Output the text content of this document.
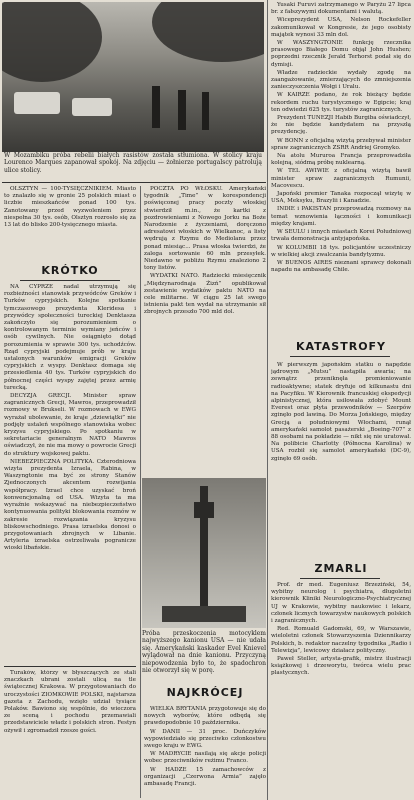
W Mozambiku próba rebelii białych rasistów została stłumiona. W stolicy kraju Lourenco Marques zapanował spokój. Na zdjęciu — żołnierze portugalscy patrolują ulice stolicy.

OLSZTYN — 100-TYSIĘCZNIKIEM. Miasto to znalazło się w gronie 25 polskich miast o liczbie mieszkańców ponad 100 tys. Zanotowany przed wyzwoleniem przez niespełna 30 tys. osób, Olsztyn rozrosło się za 13 lat do blisko 200-tysięcznego miasta.

KRÓTKO

NA CYPRZE nadal utrzymują się rozbieżności stanowisk przywódców Greków i Turków cypryjskich. Kolejne spotkanie tymczasowego prezydenta Kleridesa i przywódcy społeczności tureckiej Denktasza zakończyło się porozumieniem o kontrolowanym terminie wymiany jeńców i osób cywilnych. Nie osiągnięto dotąd porozumienia w sprawie 300 tys. uchodźców. Rząd cypryjski podejmuje prób w kraju ustalonych warunków emigracji Greków cypryjskich z wyspy. Denktasz domaga się przesiedlenia 40 tys. Turków cypryjskich do północnej części wyspy zajętej przez armię turecką.

DECYZJA GRECJI. Minister spraw zagranicznych Grecji, Mawros, przeprowadził rozmowy w Brukseli. W rozmowach w EWG wyrażał ubolewanie, że kraje „dziewiątki” nie podjęły ustaleń wspólnego stanowiska wobec kryzysu cypryjskiego. Po spotkaniu w sekretariacie generalnym NATO Mawros oświadczył, że nie ma mowy o powrocie Grecji do struktury wojskowej paktu.

NIEBEZPIECZNA POLITYKA. Czterodniowa wizyta prezydenta Izraela, Rabina, w Waszyngtonie ma być ze strony Stanów Zjednoczonych akcentem rozwijania współpracy. Izrael chce uzyskać broń konwencjonalną od USA. Wizyta ta ma wyraźnie wskazywać na niebezpieczeństwo kontynuowania polityki blokowania rozmów w zakresie rozwiązania kryzysu bliskowschodniego. Prasa izraelska donosi o przygotowaniach zbrojnych w Libanie. Artyleria izraelska ostrzeliwała pogranicze wioski libańskie.

Turaków, którzy w błyszczących ze stali znaczkach ubrani zostali ulicą na tle świątecznej Krakowa. W przygotowaniach do uroczystości ZIOMKOWIE POLSKI, najstarsza gazeta z Zachodu, wzięło udział tysiące Polaków. Bawiono się wspólnie, do wieczora ze sceną i pochodu przemawiali przedstawiciele władz i polskich stron. Festyn ożywił i zgromadził rzesze gości.

POCZTA PO WŁOSKU. Amerykański tygodnik „Time” w korespondencji poświęconej pracy poczty włoskiej stwierdził m.in., że kartki z pozdrowieniami z Nowego Jorku na Boże Narodzenie z życzeniami, doręczono adresatowi włoskich w Wielkanoc, a listy wędrują z Rzymu do Mediolanu przez ponad miesiąc... Prasa włoska twierdzi, że zalega sortowanie 60 mln przesyłek. Niedawno w pobliżu Rzymu znaleziono 2 tony listów.

WYDATKI NATO. Radziecki miesięcznik „Międzynarodnaja Żizń” opublikował zestawienie wydatków paktu NATO na cele militarne. W ciągu 25 lat swego istnienia pakt ten wydał na utrzymanie sił zbrojnych przeszło 700 mld dol.

Próba przeskoczenia motocyklem najwyższego kanionu USA — nie udała się. Amerykański kaskader Evel Knievel wylądował na dnie kanionu. Przyczyną niepowodzenia było to, że spadochron nie otworzył się w porę.
NAJKRÓCEJ

WIELKA BRYTANIA przygotowuje się do nowych wyborów, które odbędą się prawdopodobnie 10 października.

W DANII — 31 proc. Duńczyków wypowiedziało się przeciwko członkostwu swego kraju w EWG.

W MADRYCIE nasilają się akcje policji wobec przeciwników reżimu Franco.

W HADZE 15 zamachowców z organizacji „Czerwona Armia” zajęło ambasadę Francji.

Yusaki Furuvi zatrzymanego w Paryżu 27 lipca br. z fałszywymi dokumentami i walutą.

Wiceprezydent USA, Nelson Rockefeller zakomunikował w Kongresie, że jego osobisty majątek wynosi 33 mln dol.

W WASZYNGTONIE funkcję rzecznika prasowego Białego Domu objął John Hushen; poprzedni rzecznik Jerald Terhorst podał się do dymisji.

Władze radzieckie wydały zgodę na zaangażowanie, zmierzających do zmniejszenia zanieczyszczenia Wołgi i Uralu.

W KAIRZE podano, że rok bieżący będzie rekordem ruchu turystycznego w Egipcie; kraj ten odwiedzi 625 tys. turystów zagranicznych.

Prezydent TUNEZJI Habib Burgiba oświadczył, że nie będzie kandydatem na przyszłą prezydencję.

W BONN z oficjalną wizytą przebywał minister spraw zagranicznych ZSRR Andriej Gromyko.

Na atolu Mururoa Francja przeprowadziła kolejną, siódmą próbę nuklearną.

W TEL AWIWIE z oficjalną wizytą bawił minister spraw zagranicznych Rumunii, Macovescu.

Japoński premier Tanaka rozpoczął wizytę w USA, Meksyku, Brazylii i Kanadzie.

INDIE i PAKISTAN przeprowadzą rozmowy na temat wznowienia łączności i komunikacji między krajami.

W SEULU i innych miastach Korei Południowej trwała demonstracja antyjapońska.

W KOLUMBII 18 tys. policjantów uczestniczy w wielkiej akcji zwalczania bandytyzmu.

W BUENOS AIRES nieznani sprawcy dokonali napadu na ambasadę Chile.

KATASTROFY

W pierwszym japońskim statku o napędzie jądrowym „Mutsu” nastąpiła awaria; na zewnątrz przeniknęła promieniowanie radioaktywne; statek dryfuje od kilkunastu dni na Pacyfiku. W Kierownik francuskiej ekspedycji alpinistycznej, która usiłowała zdobyć Mount Everest oraz płyta przewodników — Szerpów zginęło pod lawiną. Do Morza Jońskiego, między Grecją a południowymi Włochami, runął amerykański samolot pasażerski „Boeing-707” z 88 osobami na pokładzie — nikt się nie uratował. Na polibicie Charlotty (Północna Karolina) w USA rozbił się samolot amerykański (DC-9), zginęło 69 osób.

ZMARLI

Prof. dr med. Eugeniusz Brzeziński, 54, wybitny neurolog i psychiatra, długoletni kierownik Kliniki Neurologiczno-Psychiatrycznej UJ w Krakowie, wybitny naukowiec i lekarz, członek licznych towarzystw naukowych polskich i zagranicznych.

Red. Romuald Gadomski, 69, w Warszawie, wieloletni członek Stowarzyszenia Dziennikarzy Polskich, b. redaktor naczelny tygodnika „Radio i Telewizja”, lewicowy działacz polityczny.

Paweł Steller, artysta-grafik, mistrz ilustracji książkowej i drzeworytu, twórca wielu prac plastycznych.
